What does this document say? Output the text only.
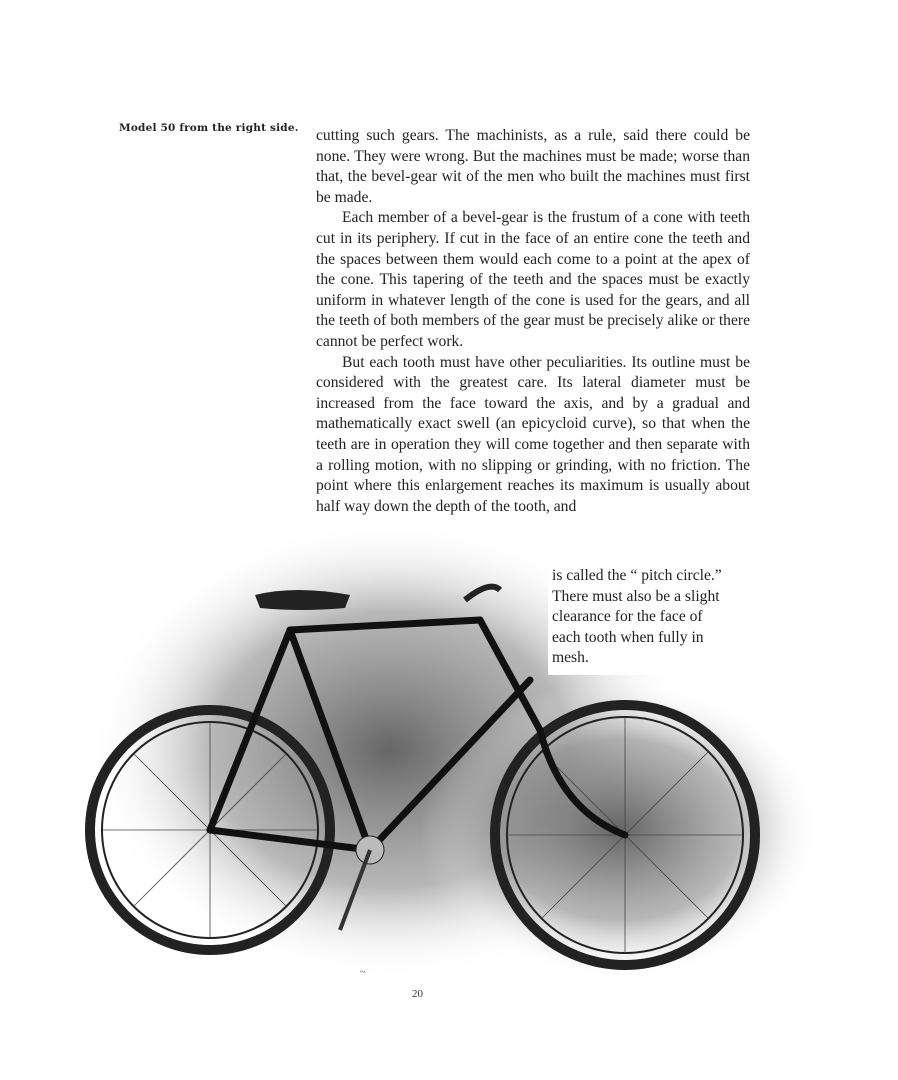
Model 50 from the right side. cutting such gears. The machinists, as a rule, said there could be none. They were wrong. But the machines must be made; worse than that, the bevel-gear wit of the men who built the machines must first be made.

Each member of a bevel-gear is the frustum of a cone with teeth cut in its periphery. If cut in the face of an entire cone the teeth and the spaces between them would each come to a point at the apex of the cone. This tapering of the teeth and the spaces must be exactly uniform in whatever length of the cone is used for the gears, and all the teeth of both members of the gear must be precisely alike or there cannot be perfect work.

But each tooth must have other peculiarities. Its outline must be considered with the greatest care. Its lateral diameter must be increased from the face toward the axis, and by a gradual and mathematically exact swell (an epicycloid curve), so that when the teeth are in operation they will come together and then separate with a rolling motion, with no slipping or grinding, with no friction. The point where this enlargement reaches its maximum is usually about half way down the depth of the tooth, and

~
is called the “ pitch circle.”
There must also be a slight
clearance for the face of
each tooth when fully in
mesh.
20
